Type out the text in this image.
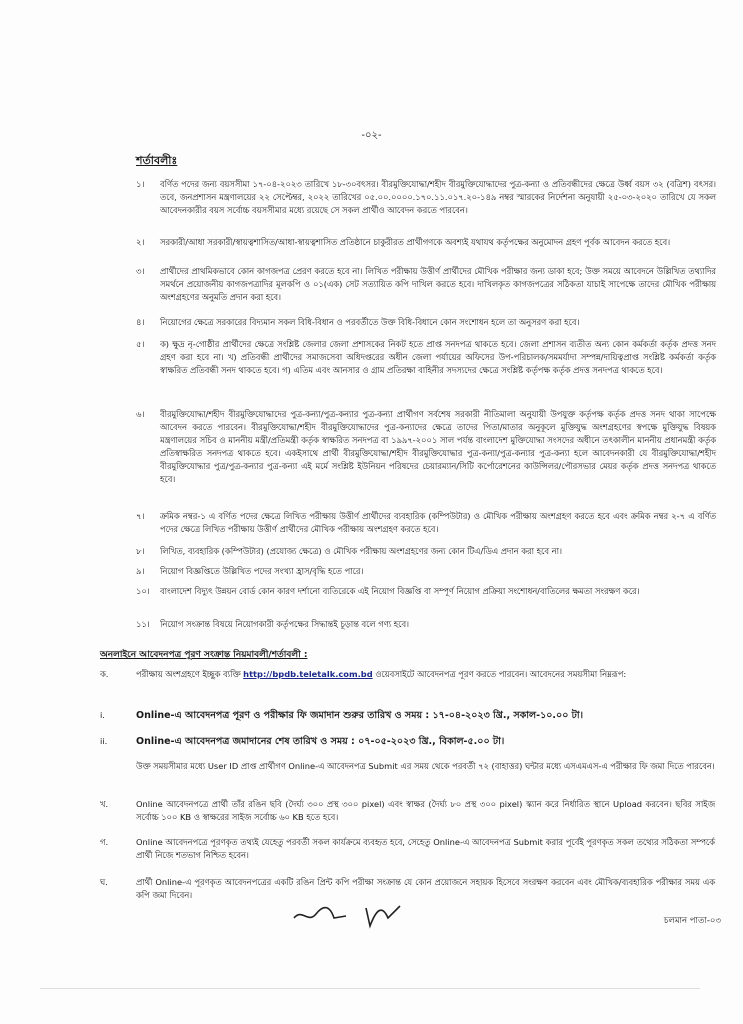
-০২-
শর্তাবলীঃ
১।	বর্ণিত পদের জন্য বয়সসীমা ১৭-০৪-২০২৩ তারিখে ১৮-৩০বৎসর। বীরমুক্তিযোদ্ধা/শহীদ বীরমুক্তিযোদ্ধাদের পুত্র-কন্যা ও প্রতিবন্ধীদের ক্ষেত্রে উর্ধ্ব বয়স ৩২ (বত্রিশ) বৎসর। তবে, জনপ্রশাসন মন্ত্রণালয়ের ২২ সেপ্টেম্বর, ২০২২ তারিখের ০৫.০০.০০০০.১৭০.১১.০১৭.২০-১৪৯ নম্বর স্মারকের নির্দেশনা অনুযায়ী ২৫-০৩-২০২০ তারিখে যে সকল আবেদনকারীর বয়স সর্বোচ্চ বয়সসীমার মধ্যে রয়েছে সে সকল প্রার্থীও আবেদন করতে পারবেন।
২।	সরকারী/আধা সরকারী/স্বায়ত্বশাসিত/আধা-স্বায়ত্বশাসিত প্রতিষ্ঠানে চাকুরীরত প্রার্থীগণকে অবশ্যই যথাযথ কর্তৃপক্ষের অনুমোদন গ্রহণ পূর্বক আবেদন করতে হবে।
৩।	প্রার্থীদের প্রাথমিকভাবে কোন কাগজপত্র প্রেরণ করতে হবে না। লিখিত পরীক্ষায় উত্তীর্ণ প্রার্থীদের মৌখিক পরীক্ষার জন্য ডাকা হবে; উক্ত সময়ে আবেদনে উল্লিখিত তথ্যাদির সমর্থনে প্রয়োজনীয় কাগজপত্রাদির মূলকপি ও ০১(এক) সেট সত্যায়িত কপি দাখিল করতে হবে। দাখিলকৃত কাগজপত্রের সঠিকতা যাচাই সাপেক্ষে তাদের মৌখিক পরীক্ষায় অংশগ্রহণের অনুমতি প্রদান করা হবে।
৪।	নিয়োগের ক্ষেত্রে সরকারের বিদ্যমান সকল বিধি-বিধান ও পরবর্তীতে উক্ত বিধি-বিধানে কোন সংশোধন হলে তা অনুসরণ করা হবে।
৫।	ক) ক্ষুদ্র নৃ-গোষ্ঠীর প্রার্থীদের ক্ষেত্রে সংশ্লিষ্ট জেলার জেলা প্রশাসকের নিকট হতে প্রাপ্ত সনদপত্র থাকতে হবে। জেলা প্রশাসন ব্যতীত অন্য কোন কর্মকর্তা কর্তৃক প্রদত্ত সনদ গ্রহণ করা হবে না। খ) প্রতিবন্ধী প্রার্থীদের সমাজসেবা অধিদপ্তরের অধীন জেলা পর্যায়ের অফিসের উপ-পরিচালক/সমমর্যাদা সম্পন্ন/দায়িত্বপ্রাপ্ত সংশ্লিষ্ট কর্মকর্তা কর্তৃক স্বাক্ষরিত প্রতিবন্ধী সনদ থাকতে হবে। গ) এতিম এবং আনসার ও গ্রাম প্রতিরক্ষা বাহিনীর সদস্যদের ক্ষেত্রে সংশ্লিষ্ট কর্তৃপক্ষ কর্তৃক প্রদত্ত সনদপত্র থাকতে হবে।
৬।	বীরমুক্তিযোদ্ধা/শহীদ বীরমুক্তিযোদ্ধাদের পুত্র-কন্যা/পুত্র-কন্যার পুত্র-কন্যা প্রার্থীগণ সর্বশেষ সরকারী নীতিমালা অনুযায়ী উপযুক্ত কর্তৃপক্ষ কর্তৃক প্রদত্ত সনদ থাকা সাপেক্ষে আবেদন করতে পারবেন। বীরমুক্তিযোদ্ধা/শহীদ বীরমুক্তিযোদ্ধাদের পুত্র-কন্যাদের ক্ষেত্রে তাদের পিতা/মাতার অনুকূলে মুক্তিযুদ্ধ অংশগ্রহণের স্বপক্ষে মুক্তিযুদ্ধ বিষয়ক মন্ত্রণালয়ের সচিব ও মাননীয় মন্ত্রী/প্রতিমন্ত্রী কর্তৃক স্বাক্ষরিত সনদপত্র বা ১৯৯৭-২০০১ সাল পর্যন্ত বাংলাদেশ মুক্তিযোদ্ধা সংসদের অধীনে তৎকালীন মাননীয় প্রধানমন্ত্রী কর্তৃক প্রতিস্বাক্ষরিত সনদপত্র থাকতে হবে। একইসাথে প্রার্থী বীরমুক্তিযোদ্ধা/শহীদ বীরমুক্তিযোদ্ধার পুত্র-কন্যা/পুত্র-কন্যার পুত্র-কন্যা হলে আবেদনকারী যে বীরমুক্তিযোদ্ধা/শহীদ বীরমুক্তিযোদ্ধার পুত্র/পুত্র-কন্যার পুত্র-কন্যা এই মর্মে সংশ্লিষ্ট ইউনিয়ন পরিষদের চেয়ারম্যান/সিটি কর্পোরেশনের কাউন্সিলর/পৌরসভার মেয়র কর্তৃক প্রদত্ত সনদপত্র থাকতে হবে।
৭।	ক্রমিক নম্বর-১ এ বর্ণিত পদের ক্ষেত্রে লিখিত পরীক্ষায় উত্তীর্ণ প্রার্থীদের ব্যবহারিক (কম্পিউটার) ও মৌখিক পরীক্ষায় অংশগ্রহণ করতে হবে এবং ক্রমিক নম্বর ২-৭ এ বর্ণিত পদের ক্ষেত্রে লিখিত পরীক্ষায় উত্তীর্ণ প্রার্থীদের মৌখিক পরীক্ষায় অংশগ্রহণ করতে হবে।
৮।	লিখিত, ব্যবহারিক (কম্পিউটার) (প্রযোজ্য ক্ষেত্রে) ও মৌখিক পরীক্ষায় অংশগ্রহণের জন্য কোন টিএ/ডিএ প্রদান করা হবে না।
৯।	নিয়োগ বিজ্ঞপ্তিতে উল্লিখিত পদের সংখ্যা হ্রাস/বৃদ্ধি হতে পারে।
১০।	বাংলাদেশ বিদ্যুৎ উন্নয়ন বোর্ড কোন কারণ দর্শানো ব্যতিরেকে এই নিয়োগ বিজ্ঞপ্তি বা সম্পূর্ণ নিয়োগ প্রক্রিয়া সংশোধন/বাতিলের ক্ষমতা সংরক্ষণ করে।
১১।	নিয়োগ সংক্রান্ত বিষয়ে নিয়োগকারী কর্তৃপক্ষের সিদ্ধান্তই চূড়ান্ত বলে গণ্য হবে।
অনলাইনে আবেদনপত্র পূরণ সংক্রান্ত নিয়মাবলী/শর্তাবলী :
ক.	পরীক্ষায় অংশগ্রহণে ইচ্ছুক ব্যক্তি http://bpdb.teletalk.com.bd ওয়েবসাইটে আবেদনপত্র পূরণ করতে পারবেন। আবেদনের সময়সীমা নিম্নরূপ:
i.	Online-এ আবেদনপত্র পূরণ ও পরীক্ষার ফি জমাদান শুরুর তারিখ ও সময় : ১৭-০৪-২০২৩ খ্রি., সকাল-১০.০০ টা।
ii.	Online-এ আবেদনপত্র জমাদানের শেষ তারিখ ও সময় : ০৭-০৫-২০২৩ খ্রি., বিকাল-৫.০০ টা।
উক্ত সময়সীমার মধ্যে User ID প্রাপ্ত প্রার্থীগণ Online-এ আবেদনপত্র Submit এর সময় থেকে পরবর্তী ৭২ (বাহাত্তর) ঘন্টার মধ্যে এসএমএস-এ পরীক্ষার ফি জমা দিতে পারবেন।
খ.	Online আবেদনপত্রে প্রার্থী তাঁর রঙিন ছবি (দৈর্ঘ্য ৩০০ প্রস্থ ৩০০ pixel) এবং স্বাক্ষর (দৈর্ঘ্য ৮০ প্রস্থ ৩০০ pixel) স্ক্যান করে নির্ধারিত স্থানে Upload করবেন। ছবির সাইজ সর্বোচ্চ ১০০ KB ও স্বাক্ষরের সাইজ সর্বোচ্চ ৬০ KB হতে হবে।
গ.	Online আবেদনপত্রে পূরণকৃত তথ্যই যেহেতু পরবর্তী সকল কার্যক্রমে ব্যবহৃত হবে, সেহেতু Online-এ আবেদনপত্র Submit করার পূর্বেই পূরণকৃত সকল তথ্যের সঠিকতা সম্পর্কে প্রার্থী নিজে শতভাগ নিশ্চিত হবেন।
ঘ.	প্রার্থী Online-এ পূরণকৃত আবেদনপত্রের একটি রঙিন প্রিন্ট কপি পরীক্ষা সংক্রান্ত যে কোন প্রয়োজনে সহায়ক হিসেবে সংরক্ষণ করবেন এবং মৌখিক/ব্যবহারিক পরীক্ষার সময় এক কপি জমা দিবেন।
চলমান পাতা-০৩
